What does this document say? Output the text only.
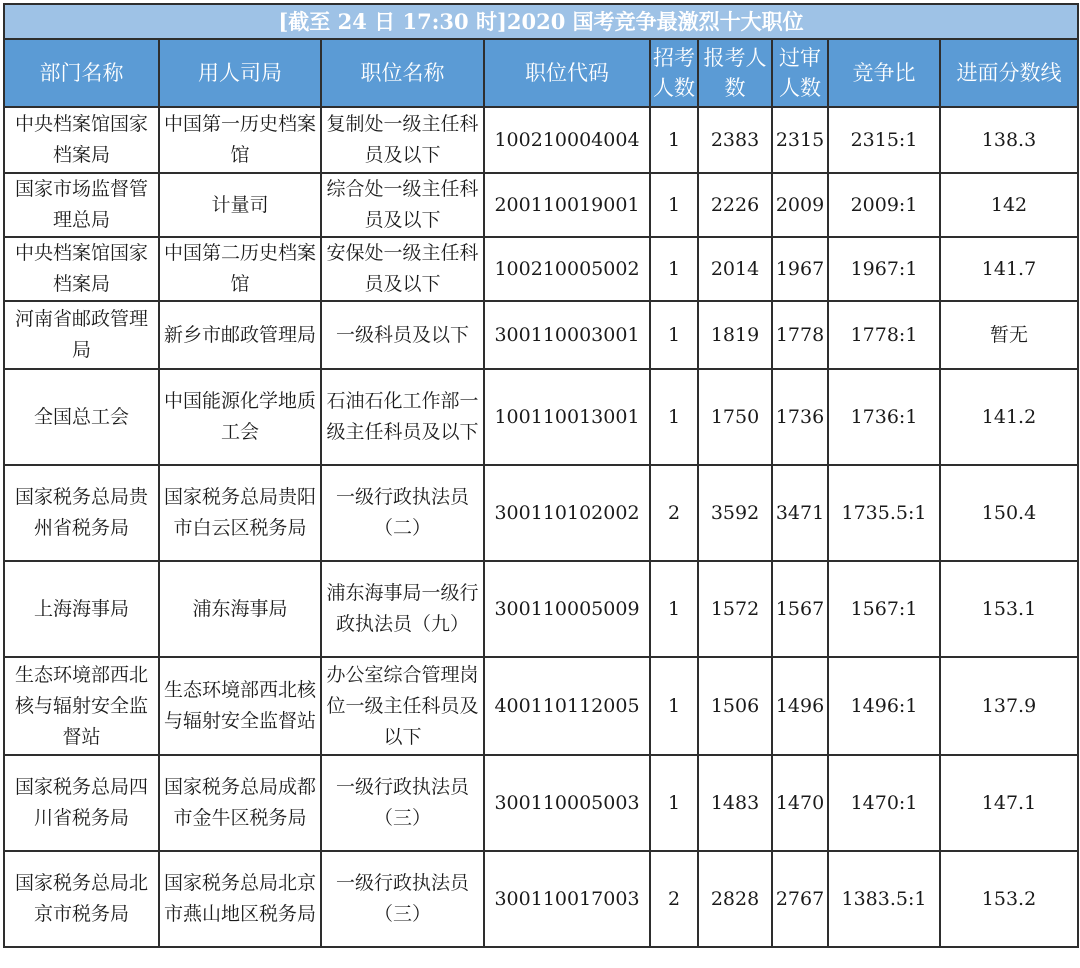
[截至 24 日 17:30 时]2020 国考竞争最激烈十大职位								
部门名称	用人司局	职位名称	职位代码	招考人数	报考人数	过审人数	竞争比	进面分数线
中央档案馆国家档案局	中国第一历史档案馆	复制处一级主任科员及以下	100210004004	1	2383	2315	2315:1	138.3
国家市场监督管理总局	计量司	综合处一级主任科员及以下	200110019001	1	2226	2009	2009:1	142
中央档案馆国家档案局	中国第二历史档案馆	安保处一级主任科员及以下	100210005002	1	2014	1967	1967:1	141.7
河南省邮政管理局	新乡市邮政管理局	一级科员及以下	300110003001	1	1819	1778	1778:1	暂无
全国总工会	中国能源化学地质工会	石油石化工作部一级主任科员及以下	100110013001	1	1750	1736	1736:1	141.2
国家税务总局贵州省税务局	国家税务总局贵阳市白云区税务局	一级行政执法员（二）	300110102002	2	3592	3471	1735.5:1	150.4
上海海事局	浦东海事局	浦东海事局一级行政执法员（九）	300110005009	1	1572	1567	1567:1	153.1
生态环境部西北核与辐射安全监督站	生态环境部西北核与辐射安全监督站	办公室综合管理岗位一级主任科员及以下	400110112005	1	1506	1496	1496:1	137.9
国家税务总局四川省税务局	国家税务总局成都市金牛区税务局	一级行政执法员（三）	300110005003	1	1483	1470	1470:1	147.1
国家税务总局北京市税务局	国家税务总局北京市燕山地区税务局	一级行政执法员（三）	300110017003	2	2828	2767	1383.5:1	153.2
